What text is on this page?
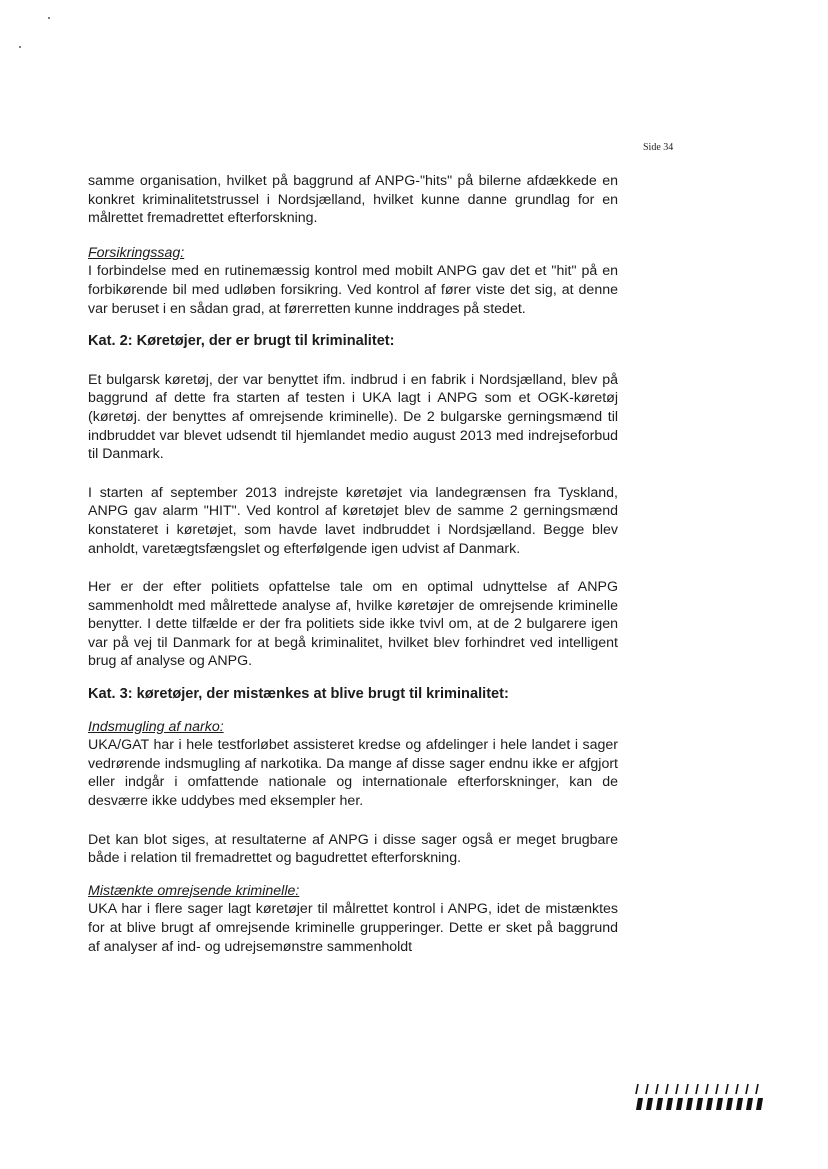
Side 34

samme organisation, hvilket på baggrund af ANPG-"hits" på bilerne afdækkede en konkret kriminalitetstrussel i Nordsjælland, hvilket kunne danne grundlag for en målrettet fremadrettet efterforskning.

Forsikringssag:

I forbindelse med en rutinemæssig kontrol med mobilt ANPG gav det et "hit" på en forbikørende bil med udløben forsikring. Ved kontrol af fører viste det sig, at denne var beruset i en sådan grad, at førerretten kunne inddrages på stedet.

Kat. 2: Køretøjer, der er brugt til kriminalitet:

Et bulgarsk køretøj, der var benyttet ifm. indbrud i en fabrik i Nordsjælland, blev på baggrund af dette fra starten af testen i UKA lagt i ANPG som et OGK-køretøj (køretøj. der benyttes af omrejsende kriminelle). De 2 bulgarske gerningsmænd til indbruddet var blevet udsendt til hjemlandet medio august 2013 med indrejseforbud til Danmark.

I starten af september 2013 indrejste køretøjet via landegrænsen fra Tyskland, ANPG gav alarm "HIT". Ved kontrol af køretøjet blev de samme 2 gerningsmænd konstateret i køretøjet, som havde lavet indbruddet i Nordsjælland. Begge blev anholdt, varetægtsfængslet og efterfølgende igen udvist af Danmark.

Her er der efter politiets opfattelse tale om en optimal udnyttelse af ANPG sammenholdt med målrettede analyse af, hvilke køretøjer de omrejsende kriminelle benytter. I dette tilfælde er der fra politiets side ikke tvivl om, at de 2 bulgarere igen var på vej til Danmark for at begå kriminalitet, hvilket blev forhindret ved intelligent brug af analyse og ANPG.

Kat. 3: køretøjer, der mistænkes at blive brugt til kriminalitet:

Indsmugling af narko:

UKA/GAT har i hele testforløbet assisteret kredse og afdelinger i hele landet i sager vedrørende indsmugling af narkotika. Da mange af disse sager endnu ikke er afgjort eller indgår i omfattende nationale og internationale efterforskninger, kan de desværre ikke uddybes med eksempler her.

Det kan blot siges, at resultaterne af ANPG i disse sager også er meget brugbare både i relation til fremadrettet og bagudrettet efterforskning.

Mistænkte omrejsende kriminelle:

UKA har i flere sager lagt køretøjer til målrettet kontrol i ANPG, idet de mistænktes for at blive brugt af omrejsende kriminelle grupperinger. Dette er sket på baggrund af analyser af ind- og udrejsemønstre sammenholdt
